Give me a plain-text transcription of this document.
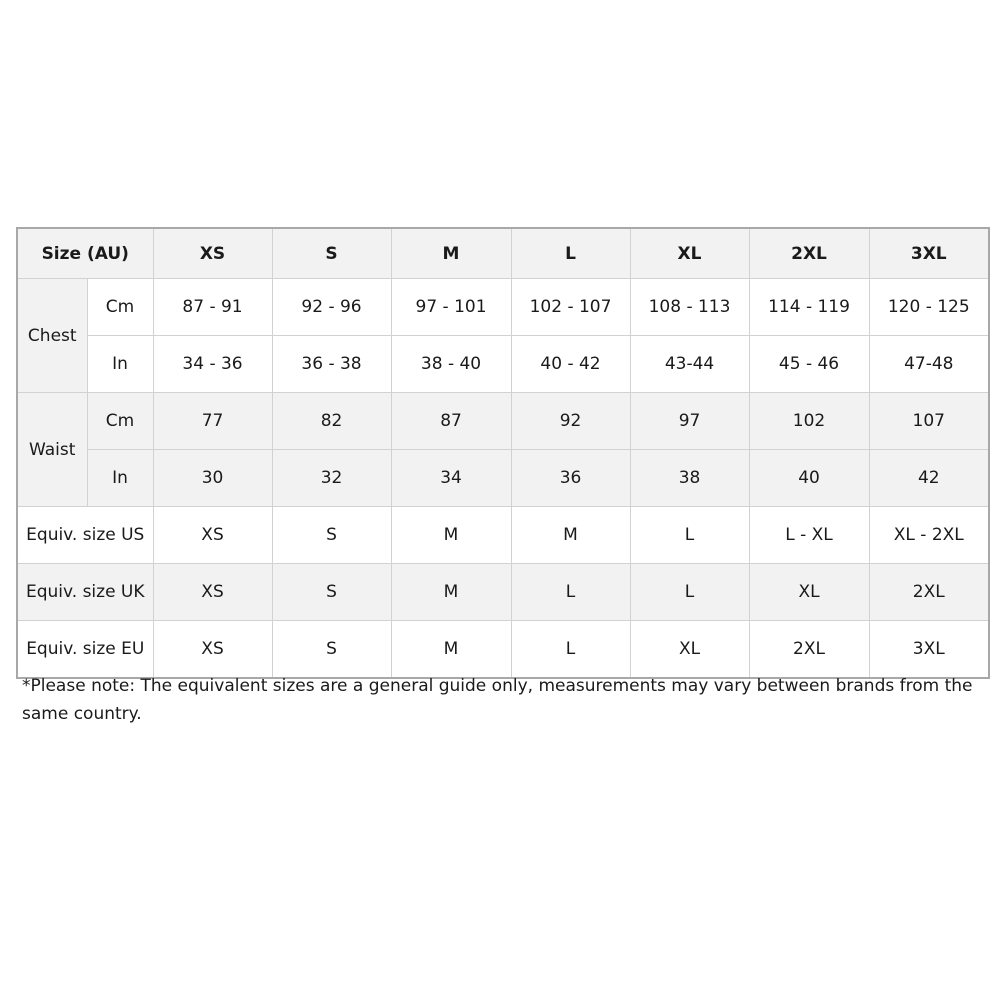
Size (AU)		XS	S	M	L	XL	2XL	3XL
Chest	Cm	87 - 91	92 - 96	97 - 101	102 - 107	108 - 113	114 - 119	120 - 125
	In	34 - 36	36 - 38	38 - 40	40 - 42	43-44	45 - 46	47-48
Waist	Cm	77	82	87	92	97	102	107
	In	30	32	34	36	38	40	42
Equiv. size US		XS	S	M	M	L	L - XL	XL - 2XL
Equiv. size UK		XS	S	M	L	L	XL	2XL
Equiv. size EU		XS	S	M	L	XL	2XL	3XL
*Please note: The equivalent sizes are a general guide only, measurements may vary between brands from the same country.
